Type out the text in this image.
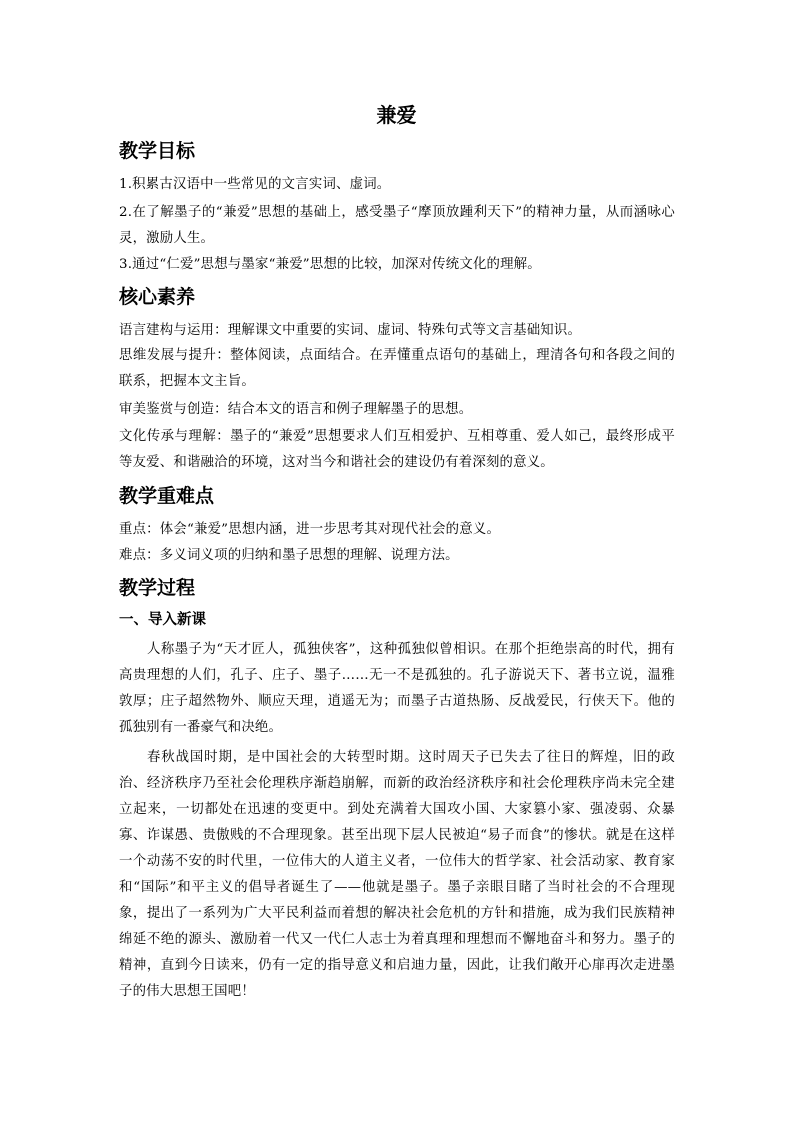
兼爱
教学目标

1.积累古汉语中一些常见的文言实词、虚词。

2.在了解墨子的“兼爱”思想的基础上，感受墨子“摩顶放踵利天下”的精神力量，从而涵咏心灵，激励人生。

3.通过“仁爱”思想与墨家“兼爱”思想的比较，加深对传统文化的理解。

核心素养

语言建构与运用：理解课文中重要的实词、虚词、特殊句式等文言基础知识。

思维发展与提升：整体阅读，点面结合。在弄懂重点语句的基础上，理清各句和各段之间的联系，把握本文主旨。

审美鉴赏与创造：结合本文的语言和例子理解墨子的思想。

文化传承与理解：墨子的“兼爱”思想要求人们互相爱护、互相尊重、爱人如己，最终形成平等友爱、和谐融洽的环境，这对当今和谐社会的建设仍有着深刻的意义。

教学重难点

重点：体会“兼爱”思想内涵，进一步思考其对现代社会的意义。

难点：多义词义项的归纳和墨子思想的理解、说理方法。

教学过程
一、导入新课

人称墨子为“天才匠人，孤独侠客”，这种孤独似曾相识。在那个拒绝崇高的时代，拥有高贵理想的人们，孔子、庄子、墨子……无一不是孤独的。孔子游说天下、著书立说，温雅敦厚；庄子超然物外、顺应天理，逍遥无为；而墨子古道热肠、反战爱民，行侠天下。他的孤独别有一番豪气和决绝。

春秋战国时期，是中国社会的大转型时期。这时周天子已失去了往日的辉煌，旧的政治、经济秩序乃至社会伦理秩序渐趋崩解，而新的政治经济秩序和社会伦理秩序尚未完全建立起来，一切都处在迅速的变更中。到处充满着大国攻小国、大家篡小家、强凌弱、众暴寡、诈谋愚、贵傲贱的不合理现象。甚至出现下层人民被迫“易子而食”的惨状。就是在这样一个动荡不安的时代里，一位伟大的人道主义者，一位伟大的哲学家、社会活动家、教育家和“国际”和平主义的倡导者诞生了——他就是墨子。墨子亲眼目睹了当时社会的不合理现象，提出了一系列为广大平民利益而着想的解决社会危机的方针和措施，成为我们民族精神绵延不绝的源头、激励着一代又一代仁人志士为着真理和理想而不懈地奋斗和努力。墨子的精神，直到今日读来，仍有一定的指导意义和启迪力量，因此，让我们敞开心扉再次走进墨子的伟大思想王国吧！
